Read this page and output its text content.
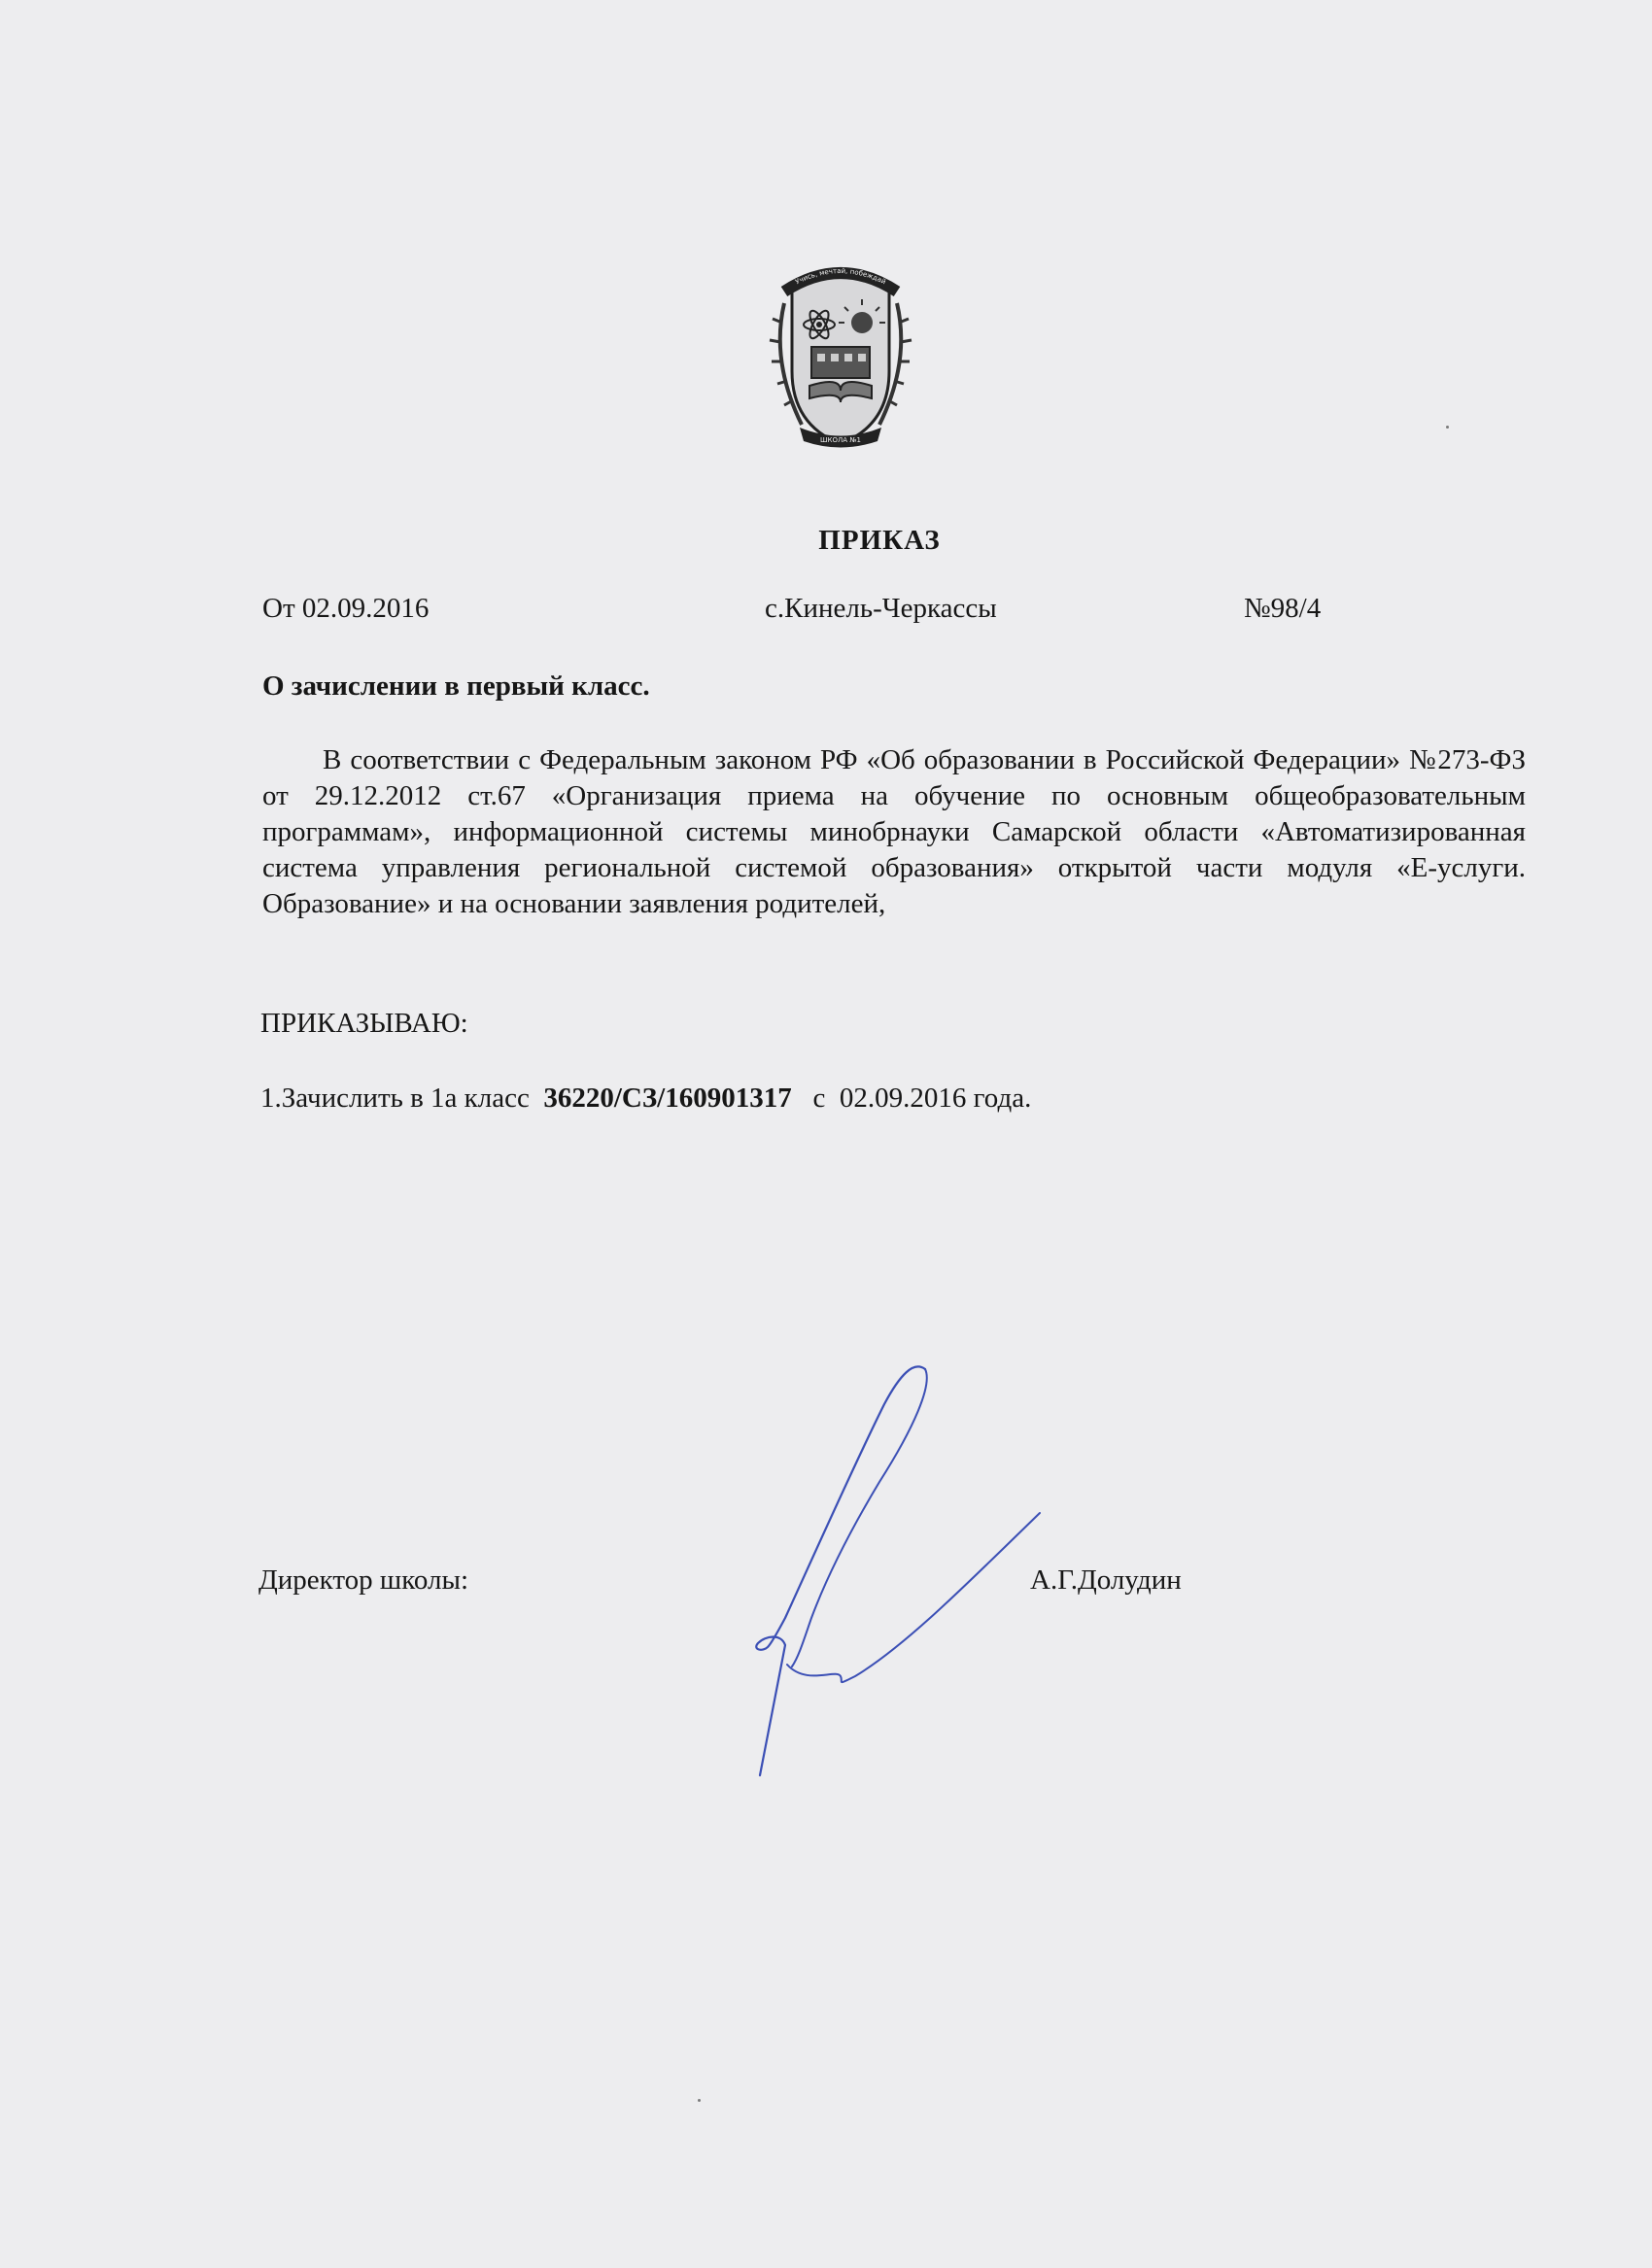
Учись, мечтай, побеждай
ШКОЛА №1
ПРИКАЗ
От 02.09.2016	с.Кинель-Черкассы	№98/4
О зачислении в первый класс.
В соответствии с Федеральным законом РФ «Об образовании в Российской Федерации» №273-ФЗ от 29.12.2012 ст.67 «Организация приема на обучение по основным общеобразовательным программам», информационной системы минобрнауки Самарской области «Автоматизированная система управления региональной системой образования» открытой части модуля «Е-услуги. Образование» и на основании заявления родителей,
ПРИКАЗЫВАЮ:
1.Зачислить в 1а класс  36220/СЗ/160901317   с  02.09.2016 года.
Директор школы:	А.Г.Долудин
